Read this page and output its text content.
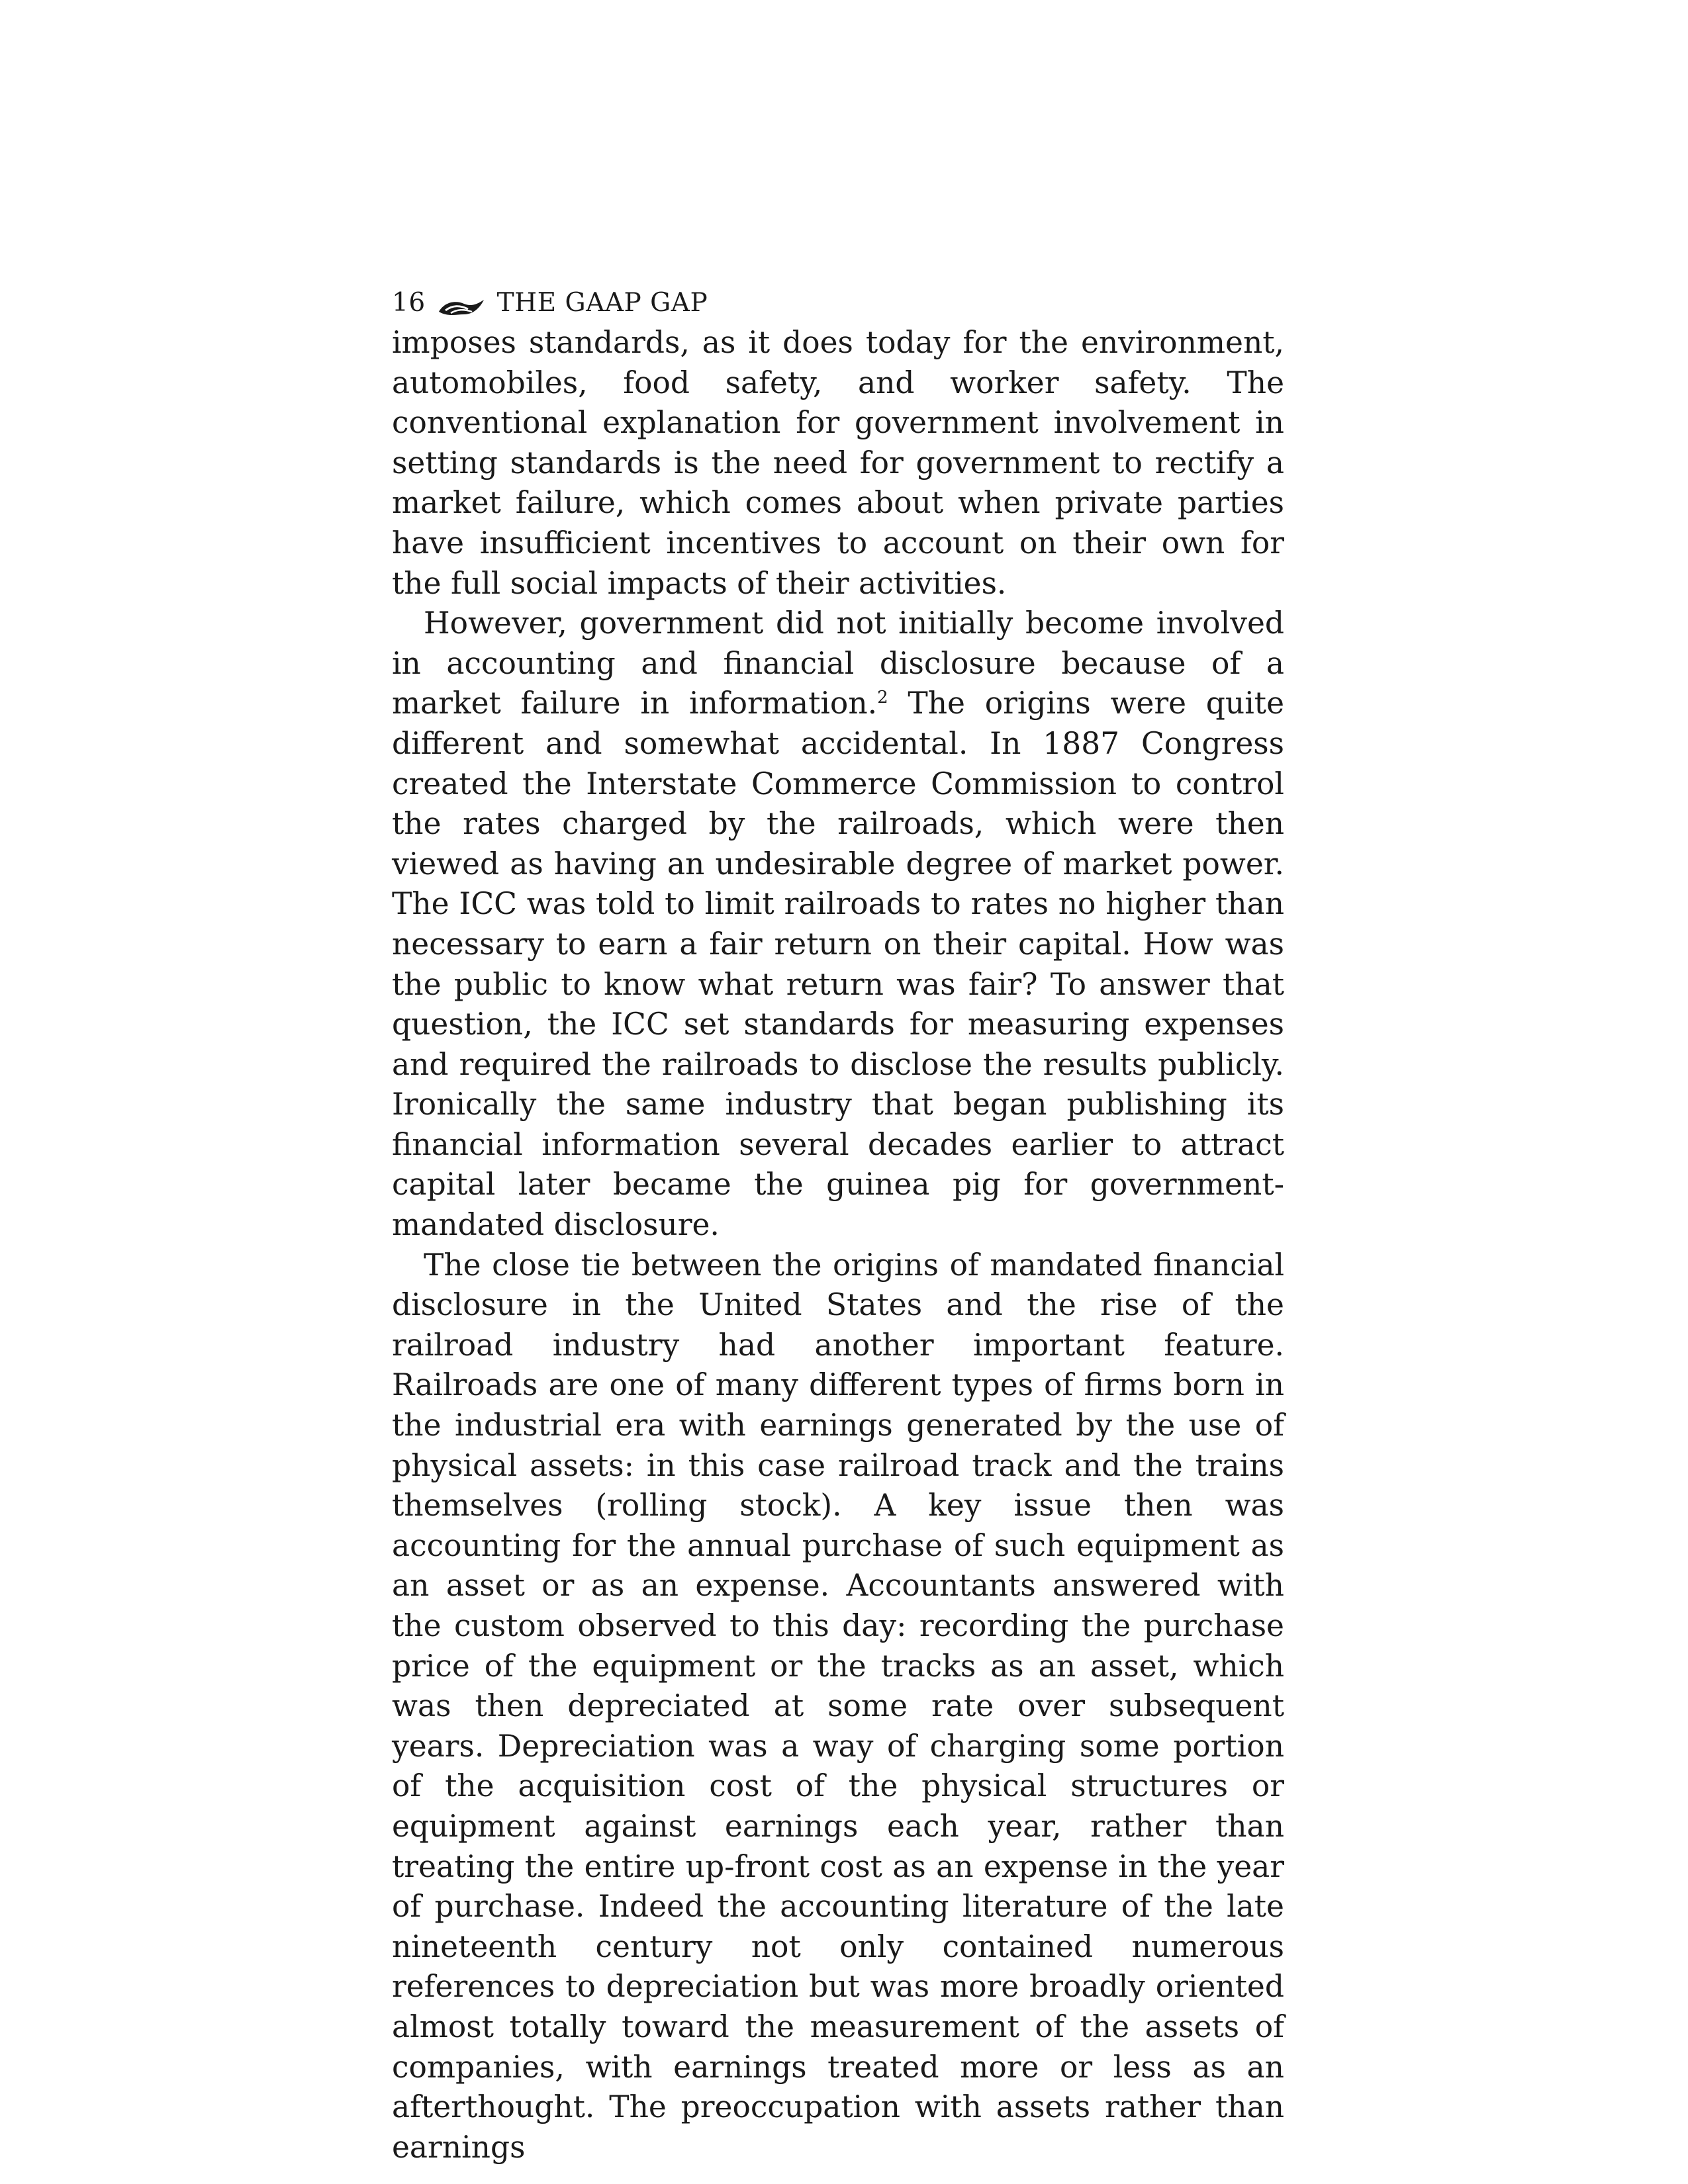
16	THE GAAP GAP

imposes standards, as it does today for the environment, automobiles, food safety, and worker safety. The conventional explanation for government involvement in setting standards is the need for government to rectify a market failure, which comes about when private parties have insufficient incentives to account on their own for the full social impacts of their activities.

However, government did not initially become involved in accounting and financial disclosure because of a market failure in information.$^2$ The origins were quite different and somewhat accidental. In 1887 Congress created the Interstate Commerce Commission to control the rates charged by the railroads, which were then viewed as having an undesirable degree of market power. The ICC was told to limit railroads to rates no higher than necessary to earn a fair return on their capital. How was the public to know what return was fair? To answer that question, the ICC set standards for measuring expenses and required the railroads to disclose the results publicly. Ironically the same industry that began publishing its financial information several decades earlier to attract capital later became the guinea pig for government-mandated disclosure.

The close tie between the origins of mandated financial disclosure in the United States and the rise of the railroad industry had another important feature. Railroads are one of many different types of firms born in the industrial era with earnings generated by the use of physical assets: in this case railroad track and the trains themselves (rolling stock). A key issue then was accounting for the annual purchase of such equipment as an asset or as an expense. Accountants answered with the custom observed to this day: recording the purchase price of the equipment or the tracks as an asset, which was then depreciated at some rate over subsequent years. Depreciation was a way of charging some portion of the acquisition cost of the physical structures or equipment against earnings each year, rather than treating the entire up-front cost as an expense in the year of purchase. Indeed the accounting literature of the late nineteenth century not only contained numerous references to depreciation but was more broadly oriented almost totally toward the measurement of the assets of companies, with earnings treated more or less as an afterthought. The preoccupation with assets rather than earnings
